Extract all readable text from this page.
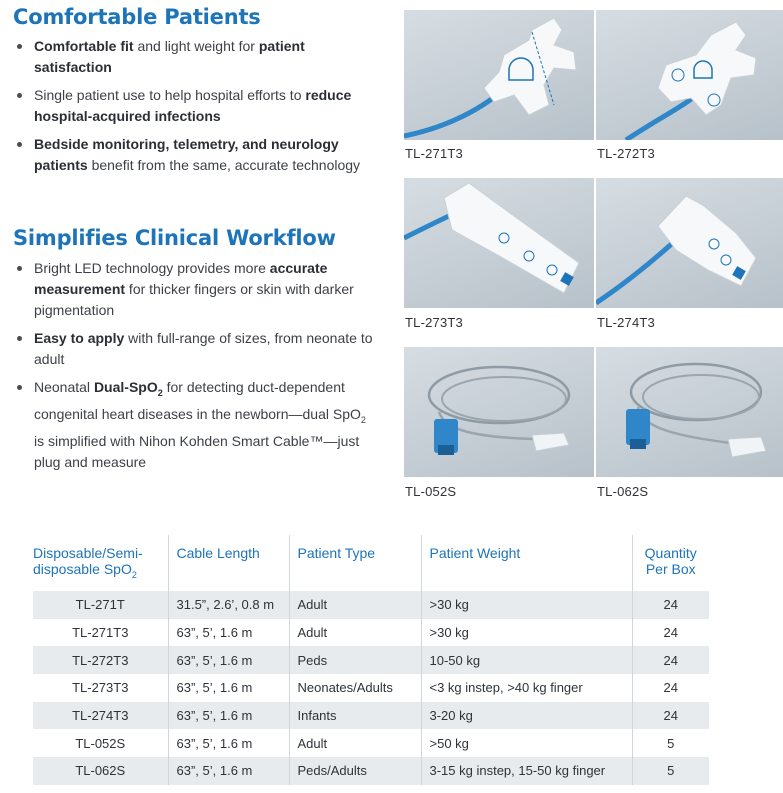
Comfortable Patients
Comfortable fit and light weight for patient satisfaction
Single patient use to help hospital efforts to reduce hospital-acquired infections
Bedside monitoring, telemetry, and neurology patients benefit from the same, accurate technology
Simplifies Clinical Workflow
Bright LED technology provides more accurate measurement for thicker fingers or skin with darker pigmentation
Easy to apply with full-range of sizes, from neonate to adult
Neonatal Dual-SpO$_2$ for detecting duct-dependent congenital heart diseases in the newborn—dual SpO$_2$ is simplified with Nihon Kohden Smart Cable™—just plug and measure
TL-271T3	TL-272T3
TL-273T3	TL-274T3
TL-052S	TL-062S
Disposable/Semi-disposable SpO$_2$	Cable Length	Patient Type	Patient Weight	Quantity Per Box
TL-271T	31.5”, 2.6’, 0.8 m	Adult	>30 kg	24
TL-271T3	63”, 5’, 1.6 m	Adult	>30 kg	24
TL-272T3	63”, 5’, 1.6 m	Peds	10-50 kg	24
TL-273T3	63”, 5’, 1.6 m	Neonates/Adults	<3 kg instep, >40 kg finger	24
TL-274T3	63”, 5’, 1.6 m	Infants	3-20 kg	24
TL-052S	63”, 5’, 1.6 m	Adult	>50 kg	5
TL-062S	63”, 5’, 1.6 m	Peds/Adults	3-15 kg instep, 15-50 kg finger	5
